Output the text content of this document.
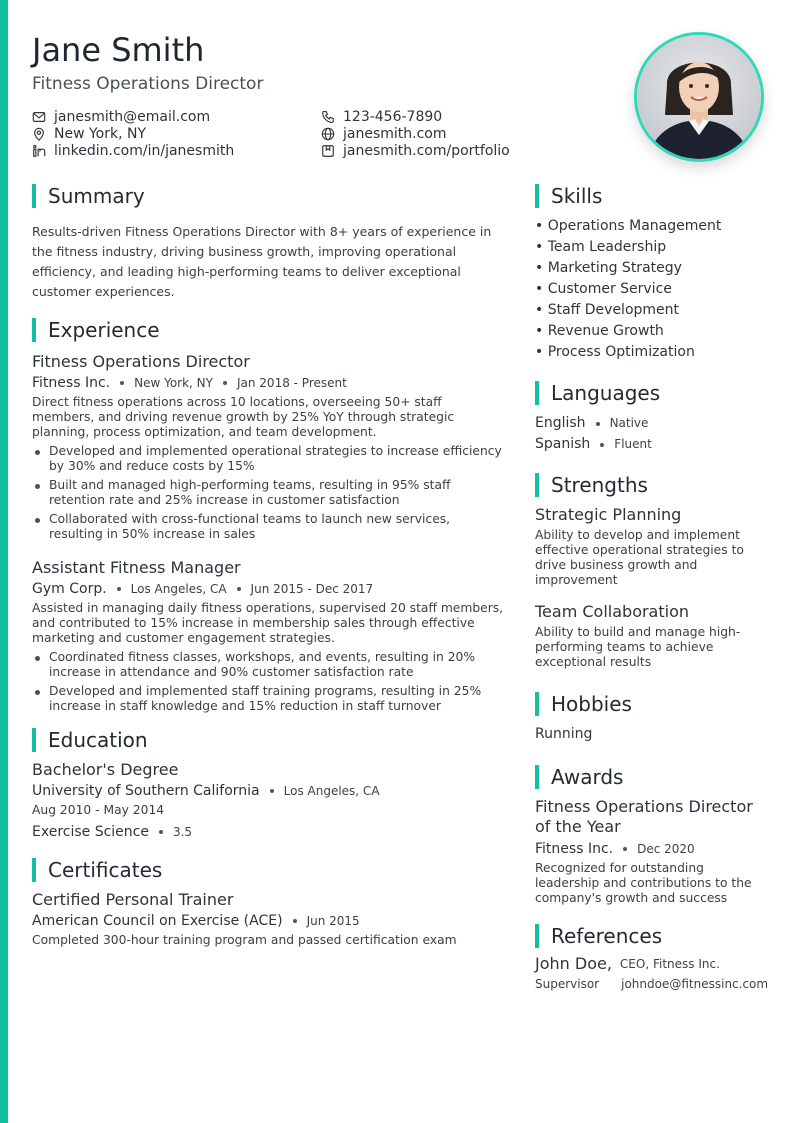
Jane Smith
Fitness Operations Director
janesmith@email.com	123-456-7890
New York, NY	janesmith.com
linkedin.com/in/janesmith	janesmith.com/portfolio
Summary
Results-driven Fitness Operations Director with 8+ years of experience in the fitness industry, driving business growth, improving operational efficiency, and leading high-performing teams to deliver exceptional customer experiences.
Experience
Fitness Operations Director
Fitness Inc. New York, NY Jan 2018 - Present
Direct fitness operations across 10 locations, overseeing 50+ staff members, and driving revenue growth by 25% YoY through strategic planning, process optimization, and team development.
Developed and implemented operational strategies to increase efficiency by 30% and reduce costs by 15%
Built and managed high-performing teams, resulting in 95% staff retention rate and 25% increase in customer satisfaction
Collaborated with cross-functional teams to launch new services, resulting in 50% increase in sales
Assistant Fitness Manager
Gym Corp. Los Angeles, CA Jun 2015 - Dec 2017
Assisted in managing daily fitness operations, supervised 20 staff members, and contributed to 15% increase in membership sales through effective marketing and customer engagement strategies.
Coordinated fitness classes, workshops, and events, resulting in 20% increase in attendance and 90% customer satisfaction rate
Developed and implemented staff training programs, resulting in 25% increase in staff knowledge and 15% reduction in staff turnover
Education
Bachelor's Degree
University of Southern California Los Angeles, CA
Aug 2010 - May 2014
Exercise Science 3.5
Certificates
Certified Personal Trainer
American Council on Exercise (ACE) Jun 2015
Completed 300-hour training program and passed certification exam
Skills
• Operations Management
• Team Leadership
• Marketing Strategy
• Customer Service
• Staff Development
• Revenue Growth
• Process Optimization
Languages
English Native
Spanish Fluent
Strengths
Strategic Planning
Ability to develop and implement effective operational strategies to drive business growth and improvement
Team Collaboration
Ability to build and manage high-performing teams to achieve exceptional results
Hobbies
Running
Awards
Fitness Operations Director of the Year
Fitness Inc. Dec 2020
Recognized for outstanding leadership and contributions to the company's growth and success
References
John Doe, CEO, Fitness Inc.
Supervisor johndoe@fitnessinc.com
